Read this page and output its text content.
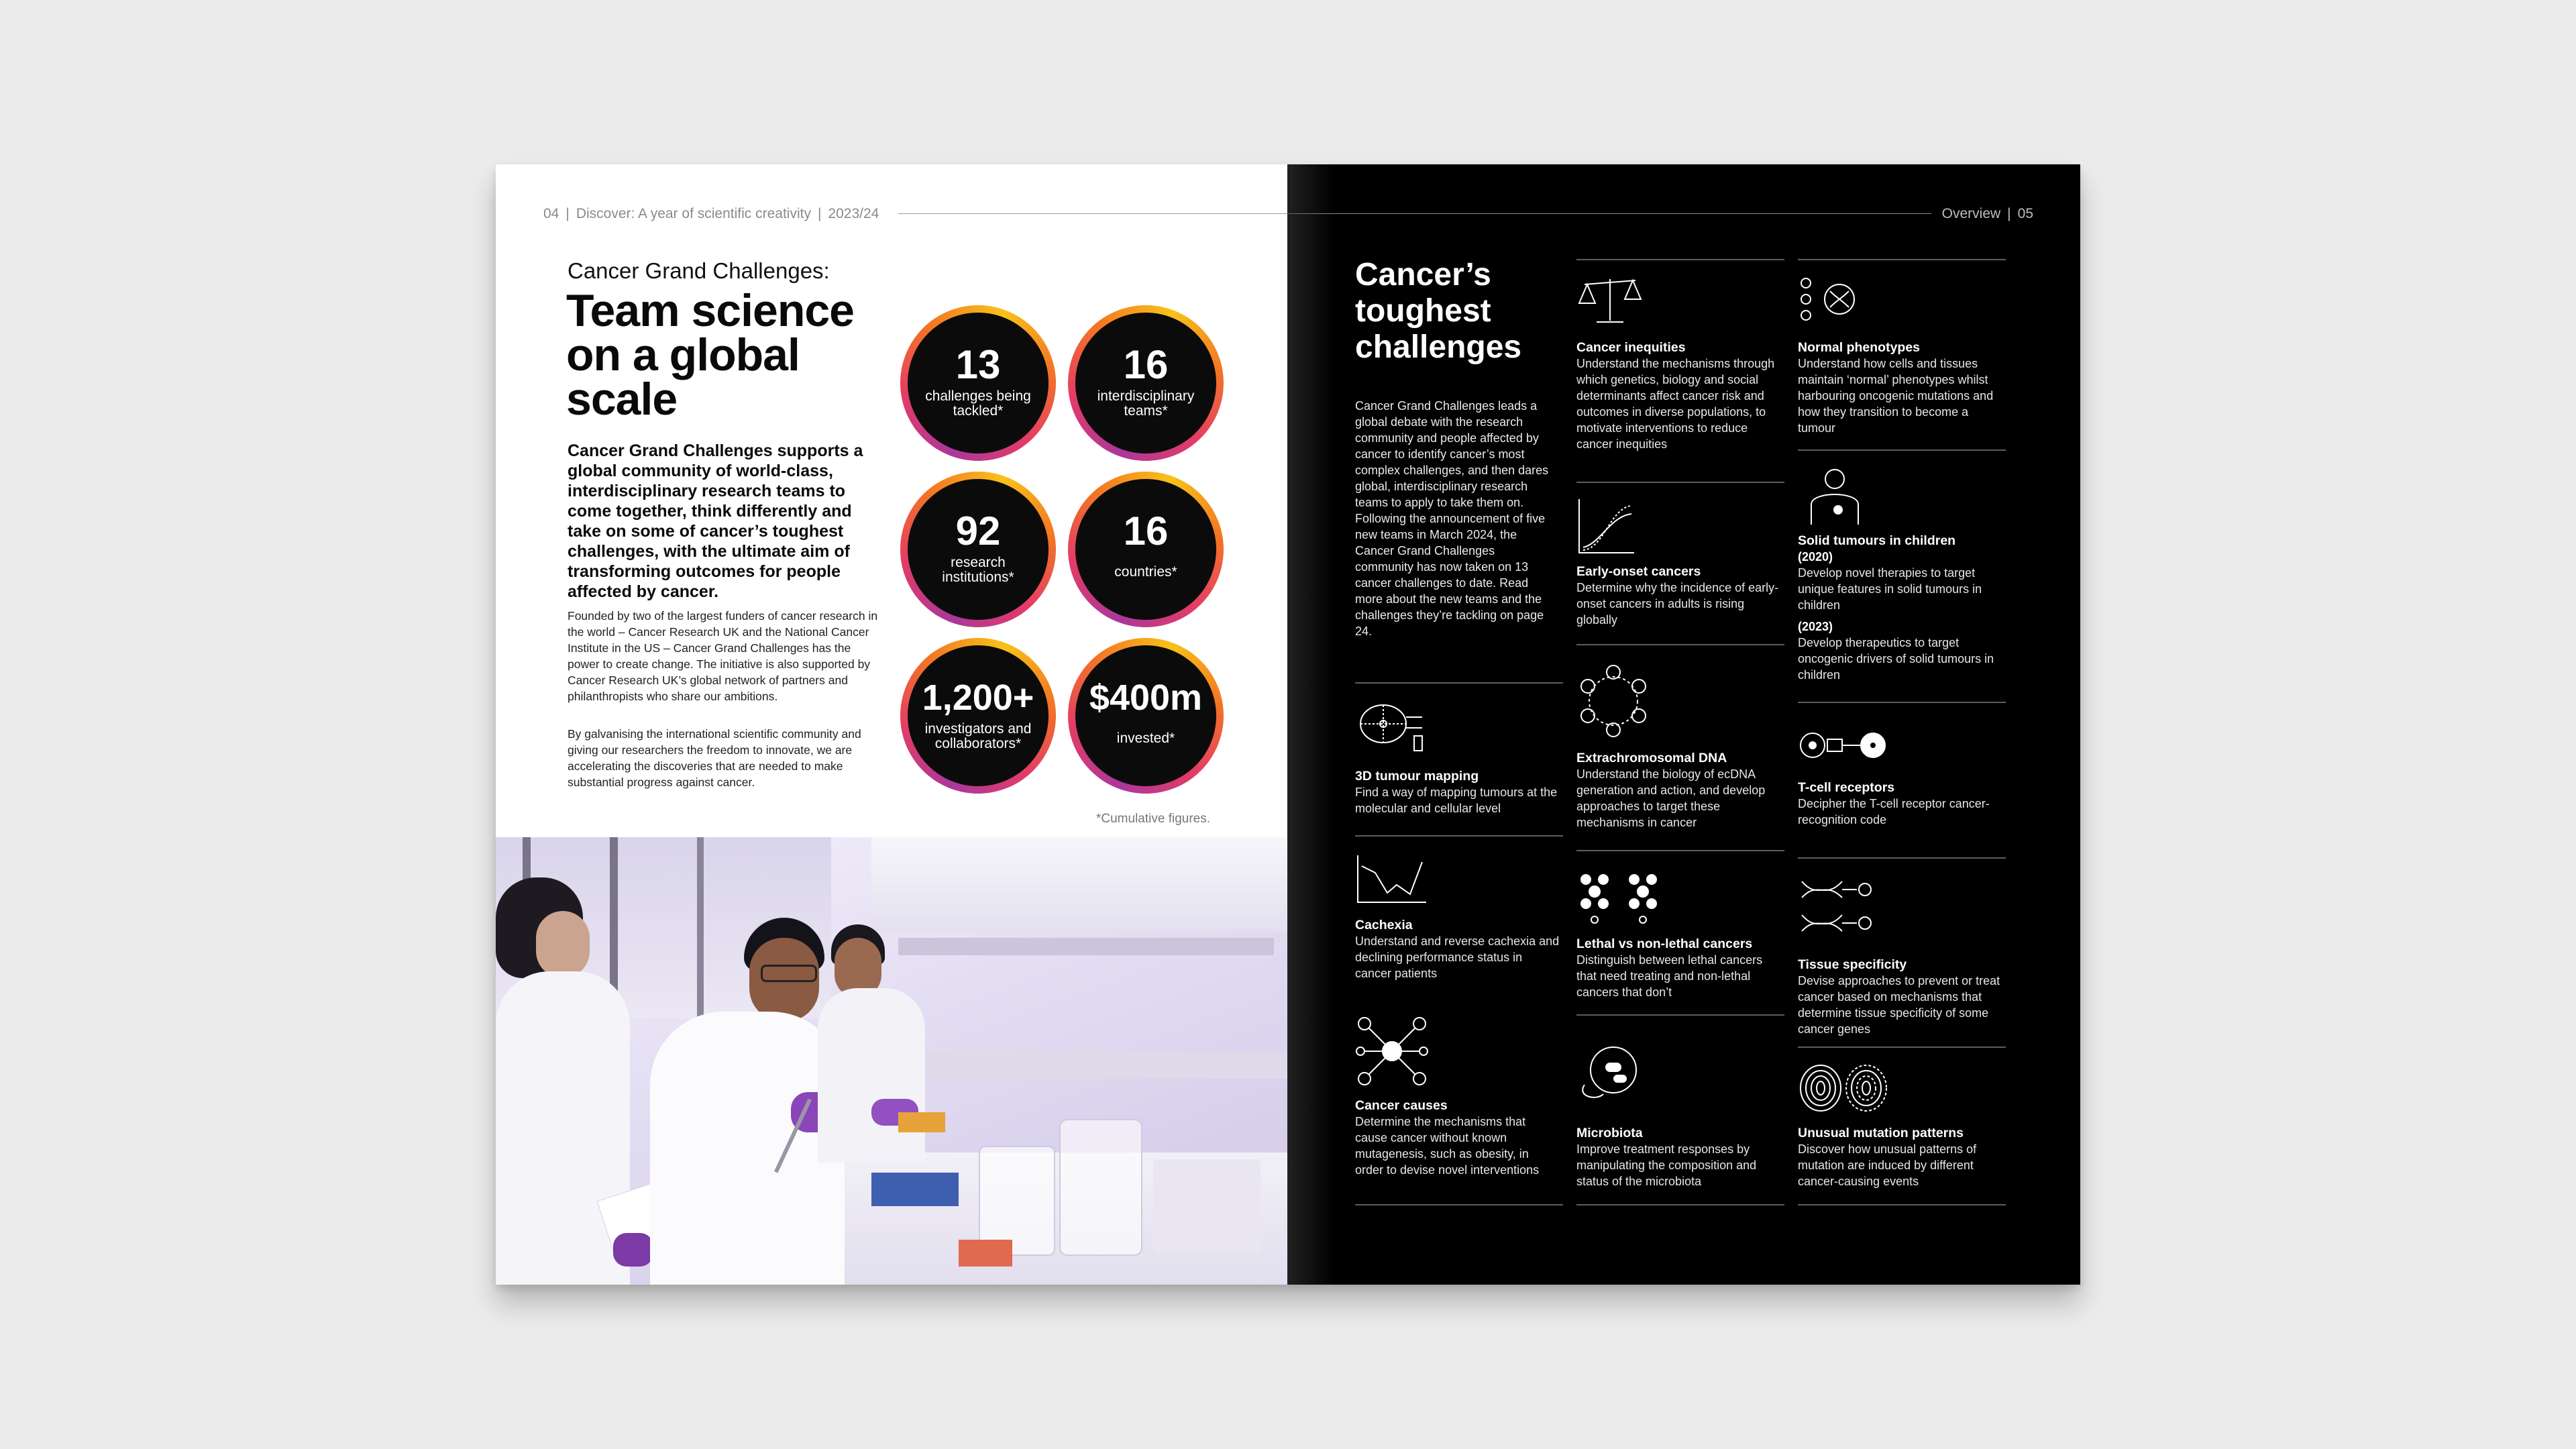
04 | Discover: A year of scientific creativity | 2023/24
Cancer Grand Challenges:
Team science on a global scale
Cancer Grand Challenges supports a global community of world-class, interdisciplinary research teams to come together, think differently and take on some of cancer’s toughest challenges, with the ultimate aim of transforming outcomes for people affected by cancer.
Founded by two of the largest funders of cancer research in the world – Cancer Research UK and the National Cancer Institute in the US – Cancer Grand Challenges has the power to create change. The initiative is also supported by Cancer Research UK’s global network of partners and philanthropists who share our ambitions.
By galvanising the international scientific community and giving our researchers the freedom to innovate, we are accelerating the discoveries that are needed to make substantial progress against cancer.
13
challenges being tackled*
16
interdisciplinary teams*
92
research institutions*
16
countries*
1,200+
investigators and collaborators*
$400m
invested*
*Cumulative figures.
Overview | 05
Cancer’s toughest challenges
Cancer Grand Challenges leads a global debate with the research community and people affected by cancer to identify cancer’s most complex challenges, and then dares global, interdisciplinary research teams to apply to take them on. Following the announcement of five new teams in March 2024, the Cancer Grand Challenges community has now taken on 13 cancer challenges to date. Read more about the new teams and the challenges they’re tackling on page 24.
3D tumour mapping
Find a way of mapping tumours at the molecular and cellular level
Cachexia
Understand and reverse cachexia and declining performance status in cancer patients
Cancer causes
Determine the mechanisms that cause cancer without known mutagenesis, such as obesity, in order to devise novel interventions
Cancer inequities
Understand the mechanisms through which genetics, biology and social determinants affect cancer risk and outcomes in diverse populations, to motivate interventions to reduce cancer inequities
Early-onset cancers
Determine why the incidence of early-onset cancers in adults is rising globally
Extrachromosomal DNA
Understand the biology of ecDNA generation and action, and develop approaches to target these mechanisms in cancer
Lethal vs non-lethal cancers
Distinguish between lethal cancers that need treating and non-lethal cancers that don’t
Microbiota
Improve treatment responses by manipulating the composition and status of the microbiota
Normal phenotypes
Understand how cells and tissues maintain ‘normal’ phenotypes whilst harbouring oncogenic mutations and how they transition to become a tumour
Solid tumours in children
(2020)
Develop novel therapies to target unique features in solid tumours in children
(2023)
Develop therapeutics to target oncogenic drivers of solid tumours in children
T-cell receptors
Decipher the T-cell receptor cancer-recognition code
Tissue specificity
Devise approaches to prevent or treat cancer based on mechanisms that determine tissue specificity of some cancer genes
Unusual mutation patterns
Discover how unusual patterns of mutation are induced by different cancer-causing events
